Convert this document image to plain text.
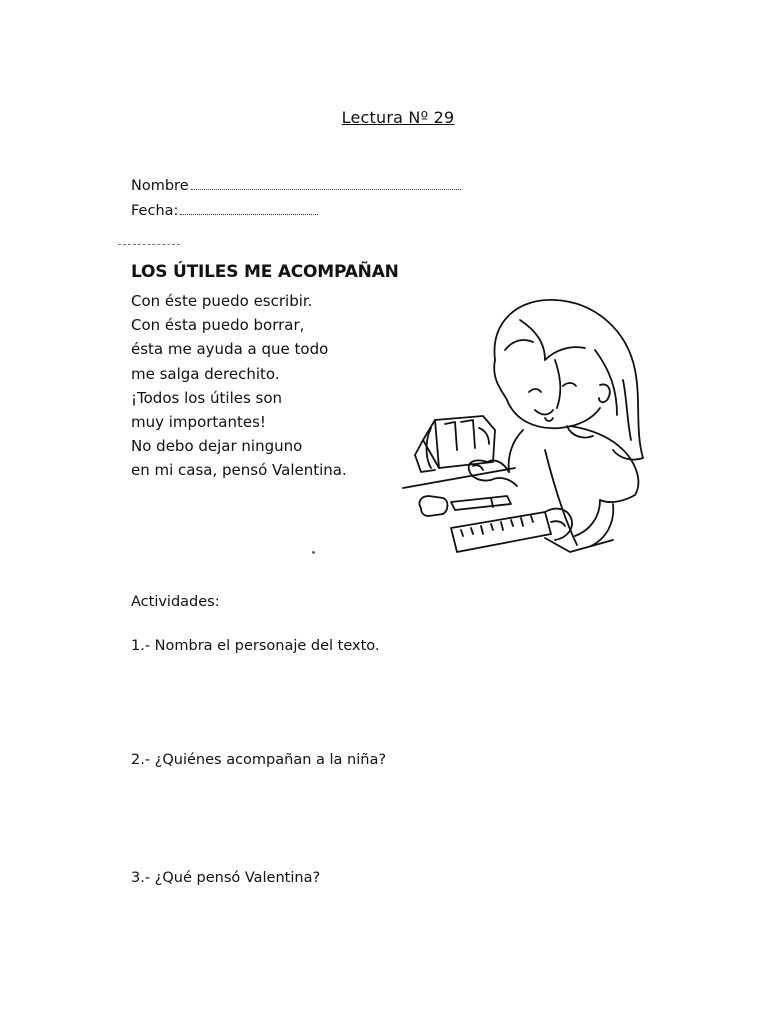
Lectura Nº 29
Nombre
Fecha:
LOS ÚTILES ME ACOMPAÑAN
Con éste puedo escribir.
Con ésta puedo borrar,
ésta me ayuda a que todo
me salga derechito.
¡Todos los útiles son
muy importantes!
No debo dejar ninguno
en mi casa, pensó Valentina.
Actividades:
1.- Nombra el personaje del texto.
2.- ¿Quiénes acompañan a la niña?
3.- ¿Qué pensó Valentina?
